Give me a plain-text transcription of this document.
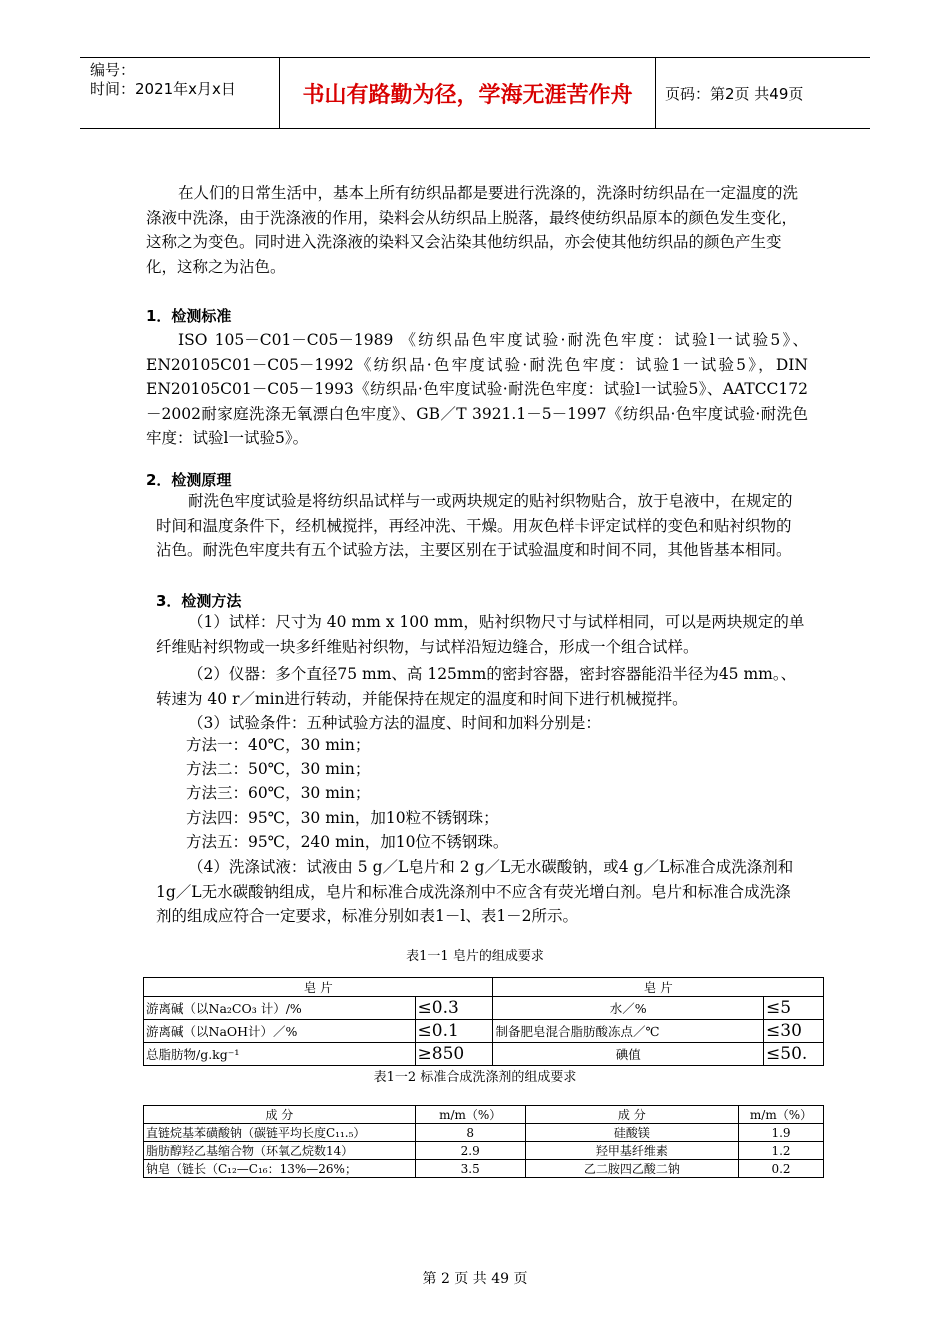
编号：
时间：2021年x月x日	书山有路勤为径，学海无涯苦作舟	页码：第2页 共49页
在人们的日常生活中，基本上所有纺织品都是要进行洗涤的，洗涤时纺织品在一定温度的洗涤液中洗涤，由于洗涤液的作用，染料会从纺织品上脱落，最终使纺织品原本的颜色发生变化，这称之为变色。同时进入洗涤液的染料又会沾染其他纺织品，亦会使其他纺织品的颜色产生变化，这称之为沾色。
1．检测标准
ISO 105－C01－C05－1989 《纺织品色牢度试验·耐洗色牢度：试验l一试验5》、EN20105C01－C05－1992《纺织品·色牢度试验·耐洗色牢度：试验1一试验5》，DIN EN20105C01－C05－1993《纺织品·色牢度试验·耐洗色牢度：试验l一试验5》、AATCC172－2002耐家庭洗涤无氧漂白色牢度》、GB／T 3921.1－5－1997《纺织品·色牢度试验·耐洗色牢度：试验l一试验5》。
2．检测原理
耐洗色牢度试验是将纺织品试样与一或两块规定的贴衬织物贴合，放于皂液中，在规定的时间和温度条件下，经机械搅拌，再经冲洗、干燥。用灰色样卡评定试样的变色和贴衬织物的沾色。耐洗色牢度共有五个试验方法，主要区别在于试验温度和时间不同，其他皆基本相同。
3．检测方法
（1）试样：尺寸为 40 mm x 100 mm，贴衬织物尺寸与试样相同，可以是两块规定的单纤维贴衬织物或一块多纤维贴衬织物，与试样沿短边缝合，形成一个组合试样。
（2）仪器：多个直径75 mm、高 125mm的密封容器，密封容器能沿半径为45 mm。、转速为 40 r／min进行转动，并能保持在规定的温度和时间下进行机械搅拌。
（3）试验条件：五种试验方法的温度、时间和加料分别是：
方法一：40℃，30 min；
方法二：50℃，30 min；
方法三：60℃，30 min；
方法四：95℃，30 min，加10粒不锈钢珠；
方法五：95℃，240 min，加10位不锈钢珠。
（4）洗涤试液：试液由 5 g／L皂片和 2 g／L无水碳酸钠，或4 g／L标准合成洗涤剂和 1g／L无水碳酸钠组成，皂片和标准合成洗涤剂中不应含有荧光增白剂。皂片和标准合成洗涤剂的组成应符合一定要求，标准分别如表1－l、表1－2所示。
表1一1 皂片的组成要求
皂 片		皂 片	
游离碱（以Na₂CO₃ 计）/%	≤0.3	水／%	≤5
游离碱（以NaOH计）／%	≤0.1	制备肥皂混合脂肪酸冻点／℃	≤30
总脂肪物/g.kg⁻¹	≥850	碘值	≤50.
表1一2 标准合成洗涤剂的组成要求
成 分	m/m（%）	成 分	m/m（%）
直链烷基苯磺酸钠（碳链平均长度C₁₁.₅）	8	硅酸镁	1.9
脂肪醇羟乙基缩合物（环氧乙烷数14）	2.9	羟甲基纤维素	1.2
钠皂（链长（C₁₂—C₁₆：13%—26%；	3.5	乙二胺四乙酸二钠	0.2
第 2 页 共 49 页
